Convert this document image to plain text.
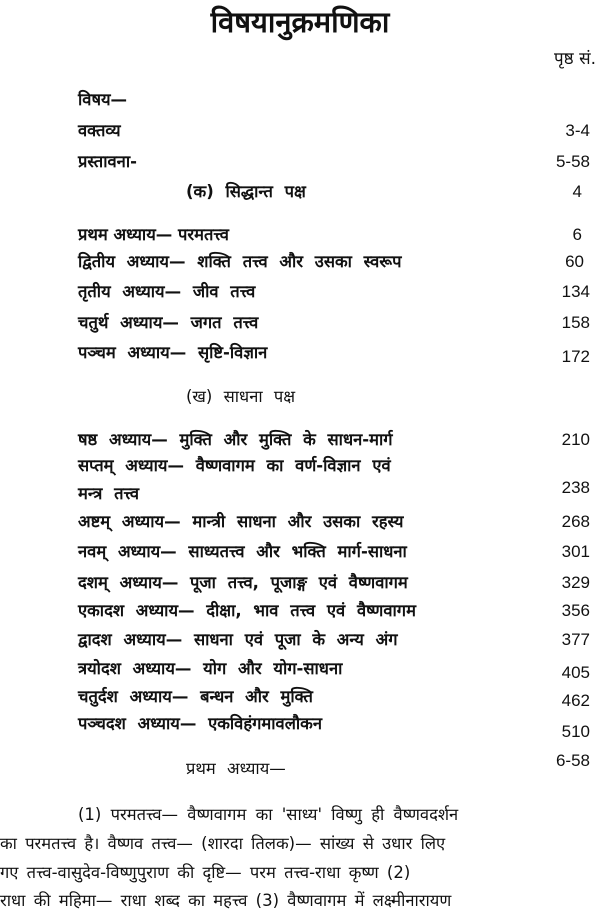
विषयानुक्रमणिका
पृष्ठ सं.
विषय—
वक्तव्य	3-4
प्रस्तावना-	5-58
(क) सिद्धान्त पक्ष	4
प्रथम अध्याय— परमतत्त्व	6
द्वितीय अध्याय— शक्ति तत्त्व और उसका स्वरूप	60
तृतीय अध्याय— जीव तत्त्व	134
चतुर्थ अध्याय— जगत तत्त्व	158
पञ्चम अध्याय— सृष्टि-विज्ञान	172
(ख) साधना पक्ष
षष्ठ अध्याय— मुक्ति और मुक्ति के साधन-मार्ग	210
सप्तम् अध्याय— वैष्णवागम का वर्ण-विज्ञान एवं
मन्त्र तत्त्व	238
अष्टम् अध्याय— मान्त्री साधना और उसका रहस्य	268
नवम् अध्याय— साध्यतत्त्व और भक्ति मार्ग-साधना	301
दशम् अध्याय— पूजा तत्त्व, पूजाङ्ग एवं वैष्णवागम	329
एकादश अध्याय— दीक्षा, भाव तत्त्व एवं वैष्णवागम	356
द्वादश अध्याय— साधना एवं पूजा के अन्य अंग	377
त्रयोदश अध्याय— योग और योग-साधना	405
चतुर्दश अध्याय— बन्धन और मुक्ति	462
पञ्चदश अध्याय— एकविहंगमावलौकन	510
प्रथम अध्याय—	6-58
(1) परमतत्त्व— वैष्णवागम का 'साध्य' विष्णु ही वैष्णवदर्शन
का परमतत्त्व है। वैष्णव तत्त्व— (शारदा तिलक)— सांख्य से उधार लिए
गए तत्त्व-वासुदेव-विष्णुपुराण की दृष्टि— परम तत्त्व-राधा कृष्ण (2)
राधा की महिमा— राधा शब्द का महत्त्व (3) वैष्णवागम में लक्ष्मीनारायण
